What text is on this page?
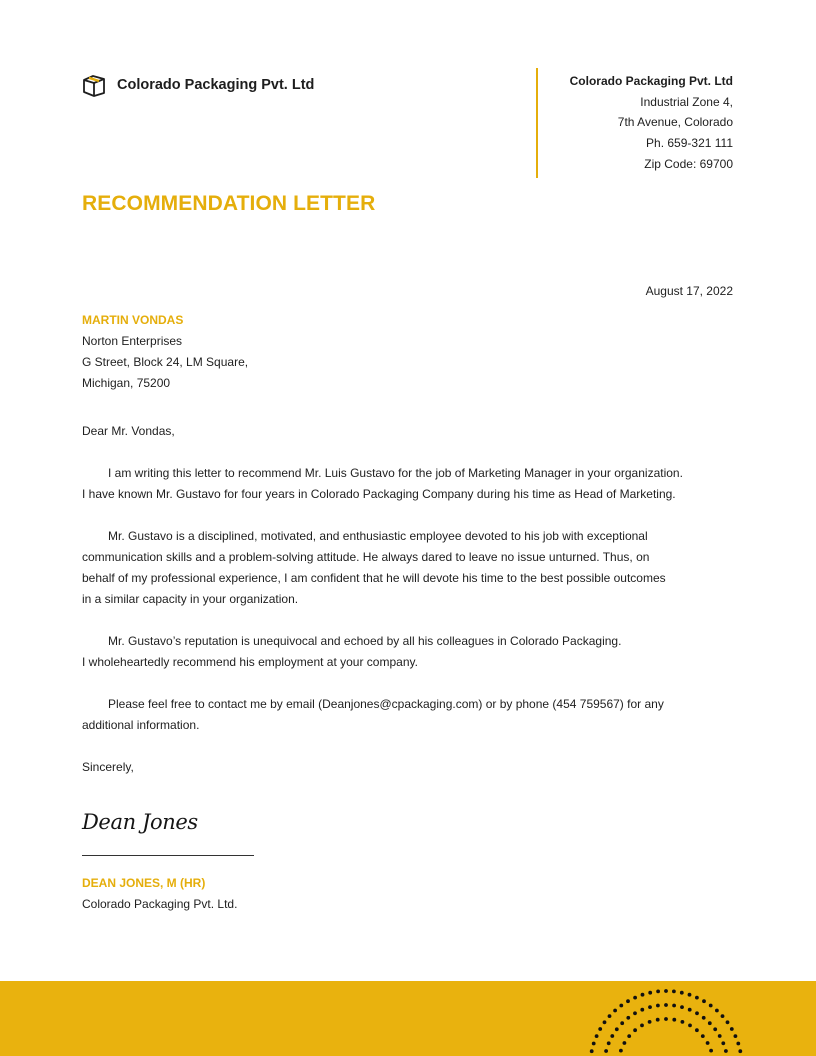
Colorado Packaging Pvt. Ltd	Colorado Packaging Pvt. Ltd
Industrial Zone 4,
7th Avenue, Colorado
Ph. 659-321 111
Zip Code: 69700
RECOMMENDATION LETTER
August 17, 2022
MARTIN VONDAS
Norton Enterprises
G Street, Block 24, LM Square,
Michigan, 75200

Dear Mr. Vondas,

I am writing this letter to recommend Mr. Luis Gustavo for the job of Marketing Manager in your organization.

I have known Mr. Gustavo for four years in Colorado Packaging Company during his time as Head of Marketing.

Mr. Gustavo is a disciplined, motivated, and enthusiastic employee devoted to his job with exceptional

communication skills and a problem-solving attitude. He always dared to leave no issue unturned. Thus, on

behalf of my professional experience, I am confident that he will devote his time to the best possible outcomes

in a similar capacity in your organization.

Mr. Gustavo’s reputation is unequivocal and echoed by all his colleagues in Colorado Packaging.

I wholeheartedly recommend his employment at your company.

Please feel free to contact me by email (Deanjones@cpackaging.com) or by phone (454 759567) for any

additional information.

Sincerely,

Dean Jones
DEAN JONES, M (HR)
Colorado Packaging Pvt. Ltd.
